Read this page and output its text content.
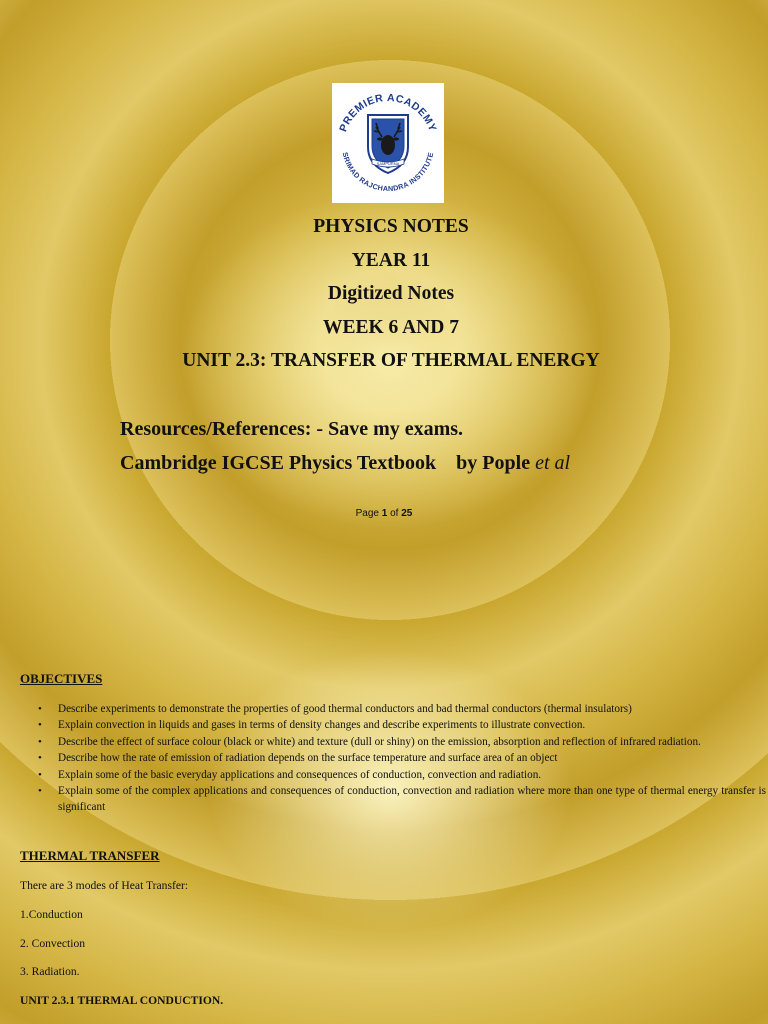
PREMIER ACADEMY
SRIMAD RAJCHANDRA INSTITUTE
SAMPURNA
PHYSICS NOTES
YEAR 11
Digitized Notes
WEEK 6 AND 7
UNIT 2.3: TRANSFER OF THERMAL ENERGY
Resources/References: - Save my exams.
Cambridge IGCSE Physics Textbook    by Pople et al
Page 1 of 25
OBJECTIVES
• Describe experiments to demonstrate the properties of good thermal conductors and bad thermal conductors (thermal insulators)
• Explain convection in liquids and gases in terms of density changes and describe experiments to illustrate convection.
• Describe the effect of surface colour (black or white) and texture (dull or shiny) on the emission, absorption and reflection of infrared radiation.
• Describe how the rate of emission of radiation depends on the surface temperature and surface area of an object
• Explain some of the basic everyday applications and consequences of conduction, convection and radiation.
• Explain some of the complex applications and consequences of conduction, convection and radiation where more than one type of thermal energy transfer is significant
THERMAL TRANSFER
There are 3 modes of Heat Transfer:
1.Conduction
2. Convection
3. Radiation.
UNIT 2.3.1 THERMAL CONDUCTION.
